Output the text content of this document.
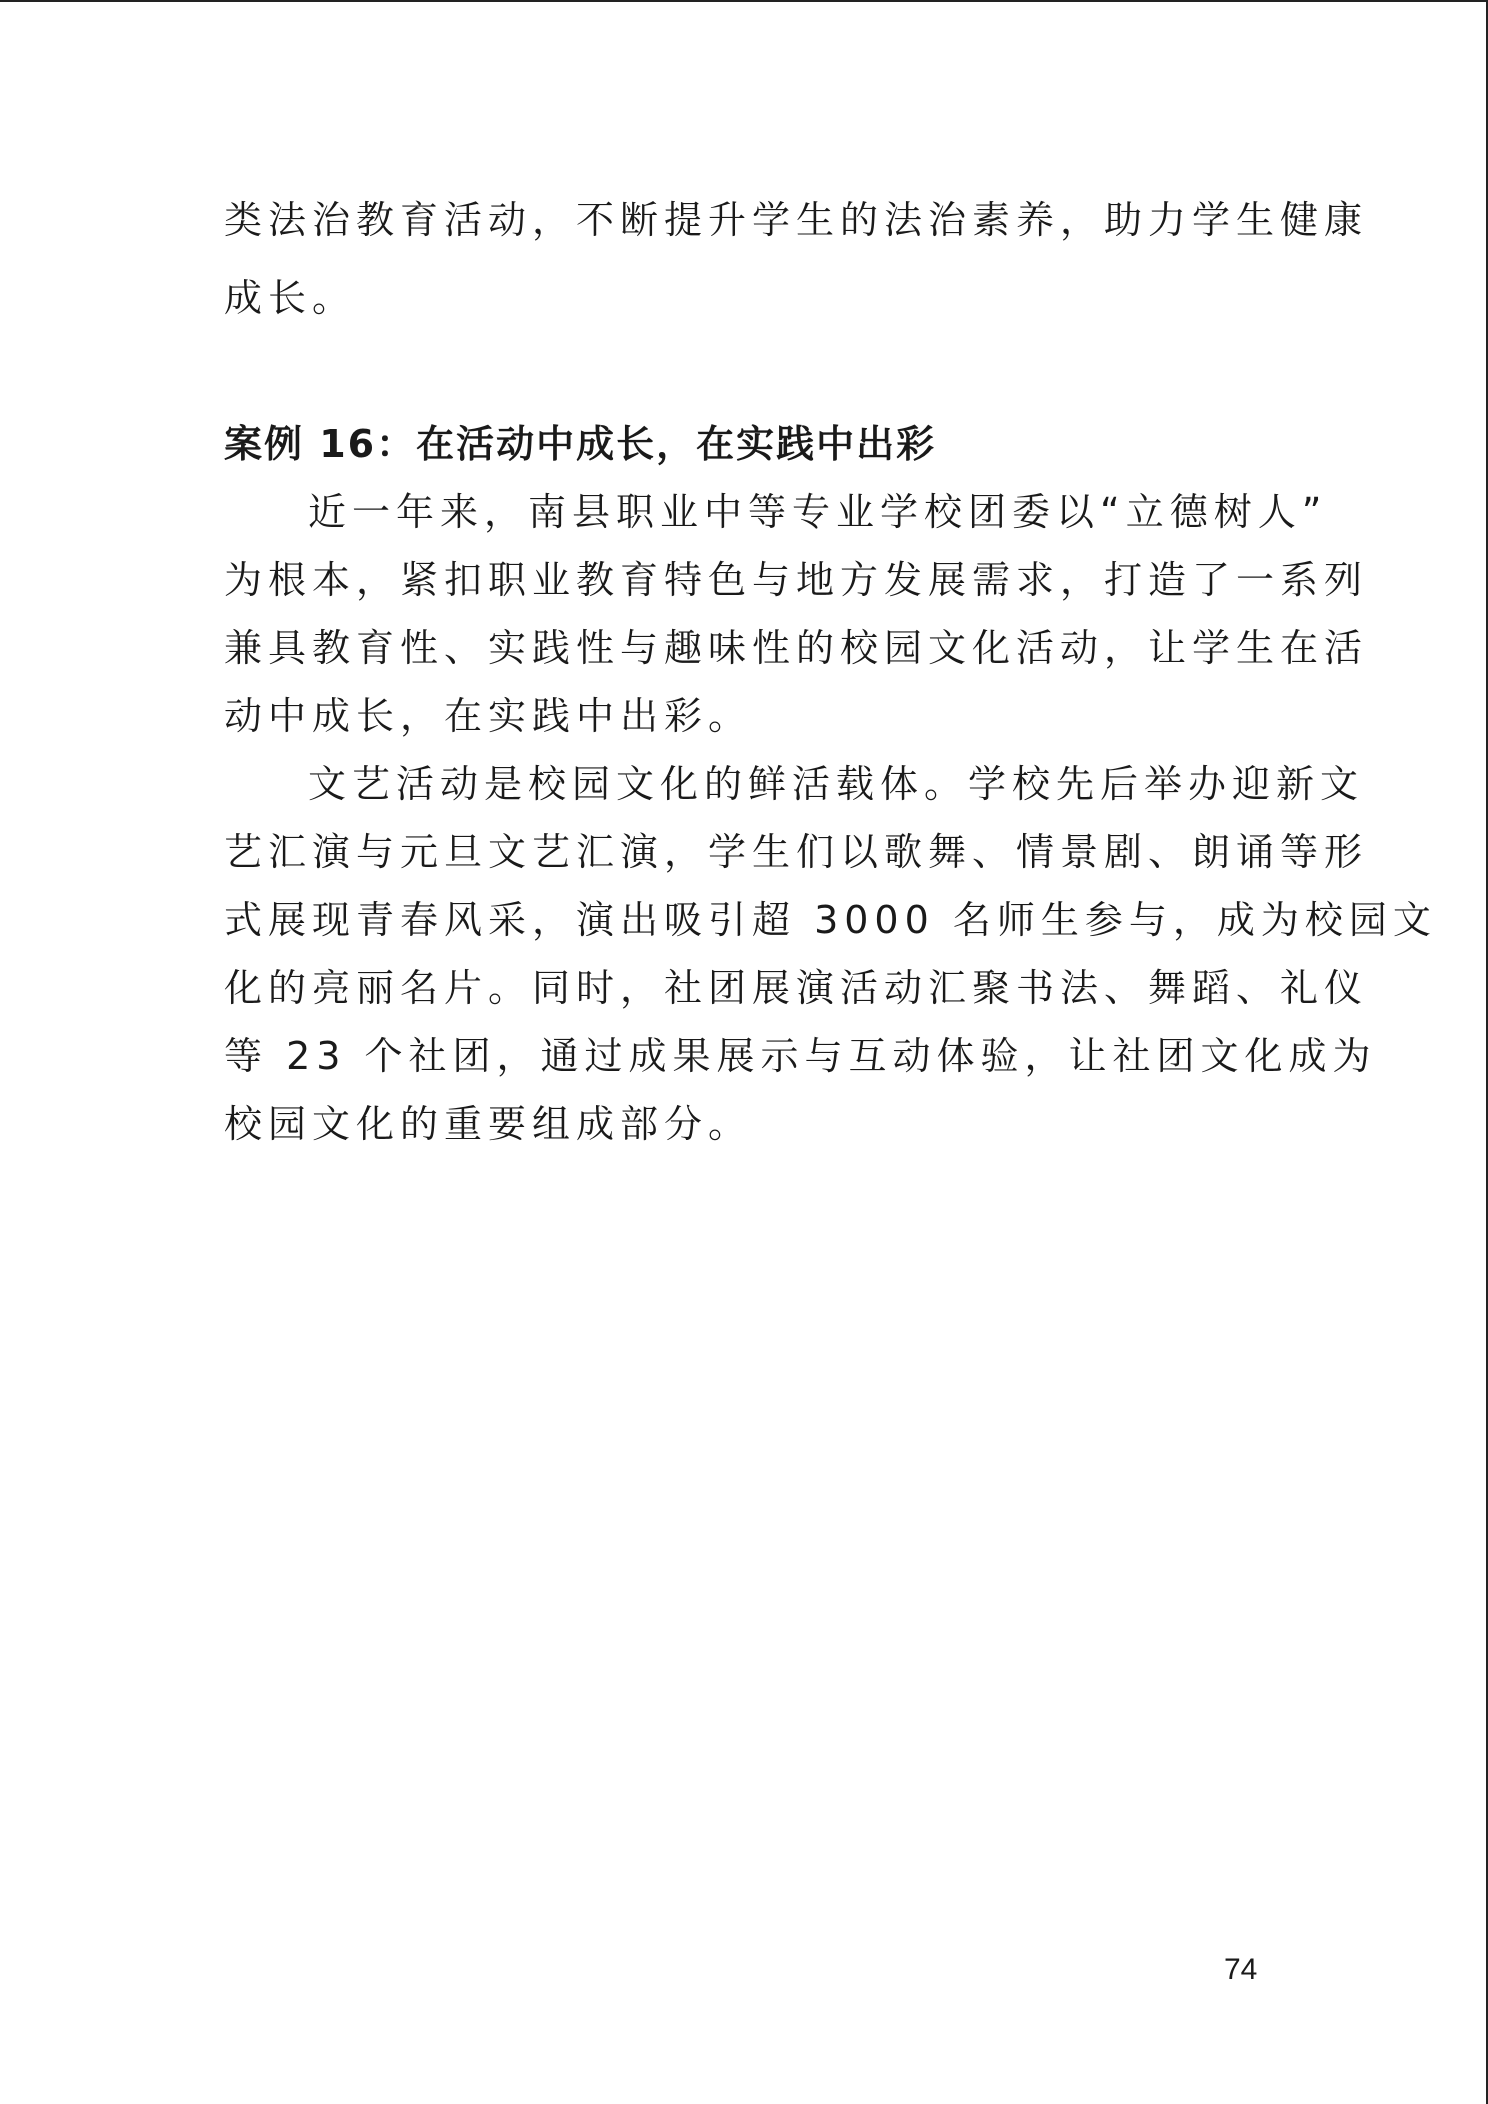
类法治教育活动，不断提升学生的法治素养，助力学生健康

成长。

案例 16：在活动中成长，在实践中出彩

近一年来，南县职业中等专业学校团委以“立德树人”

为根本，紧扣职业教育特色与地方发展需求，打造了一系列

兼具教育性、实践性与趣味性的校园文化活动，让学生在活

动中成长，在实践中出彩。

文艺活动是校园文化的鲜活载体。学校先后举办迎新文

艺汇演与元旦文艺汇演，学生们以歌舞、情景剧、朗诵等形

式展现青春风采，演出吸引超 3000 名师生参与，成为校园文

化的亮丽名片。同时，社团展演活动汇聚书法、舞蹈、礼仪

等 23 个社团，通过成果展示与互动体验，让社团文化成为

校园文化的重要组成部分。

74
